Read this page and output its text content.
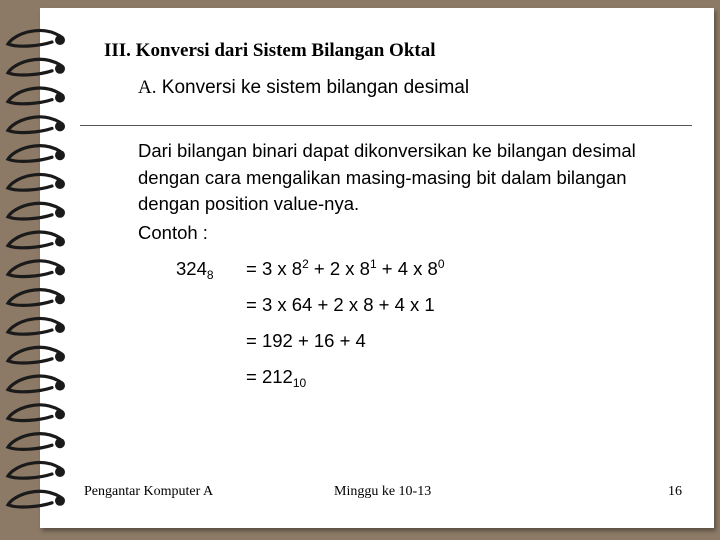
III. Konversi dari Sistem Bilangan Oktal
A. Konversi ke sistem bilangan desimal
Dari bilangan binari dapat dikonversikan ke bilangan desimal
dengan cara mengalikan masing-masing bit dalam bilangan
dengan position value-nya.
Contoh :
$324_8 = 3$ x $8^2 + 2$ x $8^1 + 4$ x $8^0$
= 3 x 64 + 2 x 8 + 4 x 1
= 192 + 16 + 4
= $212_{10}$
Pengantar Komputer A	Minggu ke 10-13	16
